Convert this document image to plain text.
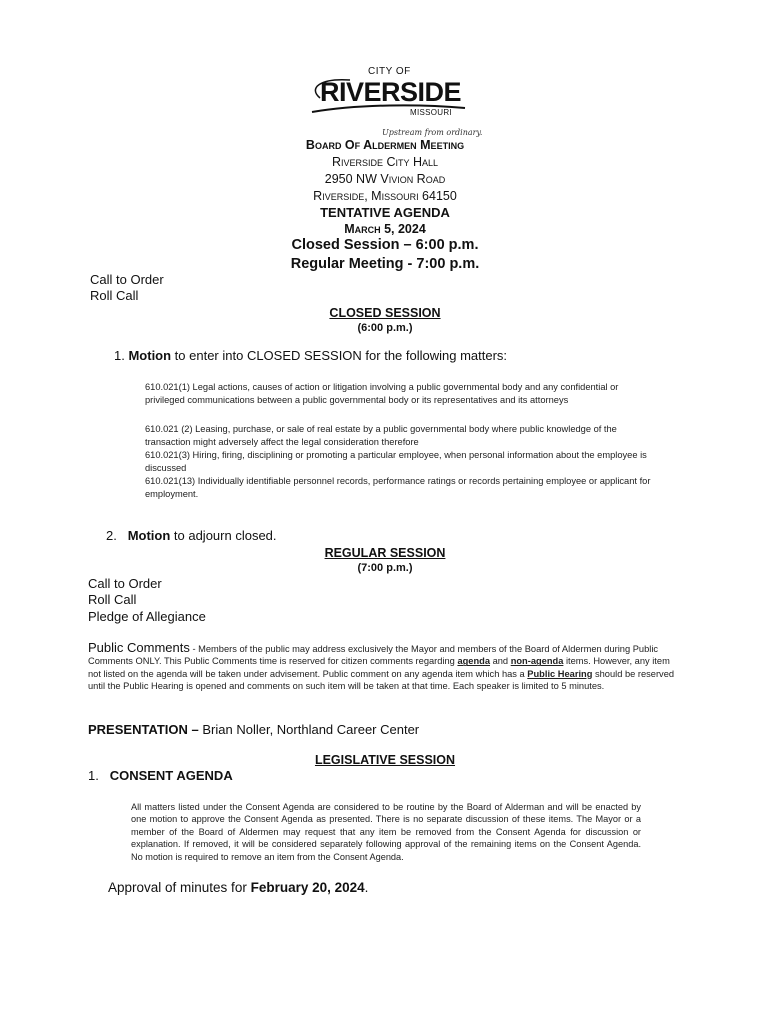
CITY OF
RIVERSIDE
MISSOURI
Upstream from ordinary.
Board Of Aldermen Meeting
Riverside City Hall
2950 NW Vivion Road
Riverside, Missouri 64150
TENTATIVE AGENDA
March 5, 2024
Closed Session – 6:00 p.m.
Regular Meeting - 7:00 p.m.
Call to Order
Roll Call
CLOSED SESSION
(6:00 p.m.)
1. Motion to enter into CLOSED SESSION for the following matters:
610.021(1) Legal actions, causes of action or litigation involving a public governmental body and any confidential or privileged communications between a public governmental body or its representatives and its attorneys
610.021 (2) Leasing, purchase, or sale of real estate by a public governmental body where public knowledge of the transaction might adversely affect the legal consideration therefore
610.021(3) Hiring, firing, disciplining or promoting a particular employee, when personal information about the employee is discussed
610.021(13) Individually identifiable personnel records, performance ratings or records pertaining employee or applicant for employment.
2. Motion to adjourn closed.
REGULAR SESSION
(7:00 p.m.)
Call to Order
Roll Call
Pledge of Allegiance
Public Comments - Members of the public may address exclusively the Mayor and members of the Board of Aldermen during Public Comments ONLY. This Public Comments time is reserved for citizen comments regarding agenda and non-agenda items. However, any item not listed on the agenda will be taken under advisement. Public comment on any agenda item which has a Public Hearing should be reserved until the Public Hearing is opened and comments on such item will be taken at that time. Each speaker is limited to 5 minutes.
PRESENTATION – Brian Noller, Northland Career Center
LEGISLATIVE SESSION
1. CONSENT AGENDA
All matters listed under the Consent Agenda are considered to be routine by the Board of Alderman and will be enacted by one motion to approve the Consent Agenda as presented. There is no separate discussion of these items. The Mayor or a member of the Board of Aldermen may request that any item be removed from the Consent Agenda for discussion or explanation. If removed, it will be considered separately following approval of the remaining items on the Consent Agenda. No motion is required to remove an item from the Consent Agenda.
Approval of minutes for February 20, 2024.
